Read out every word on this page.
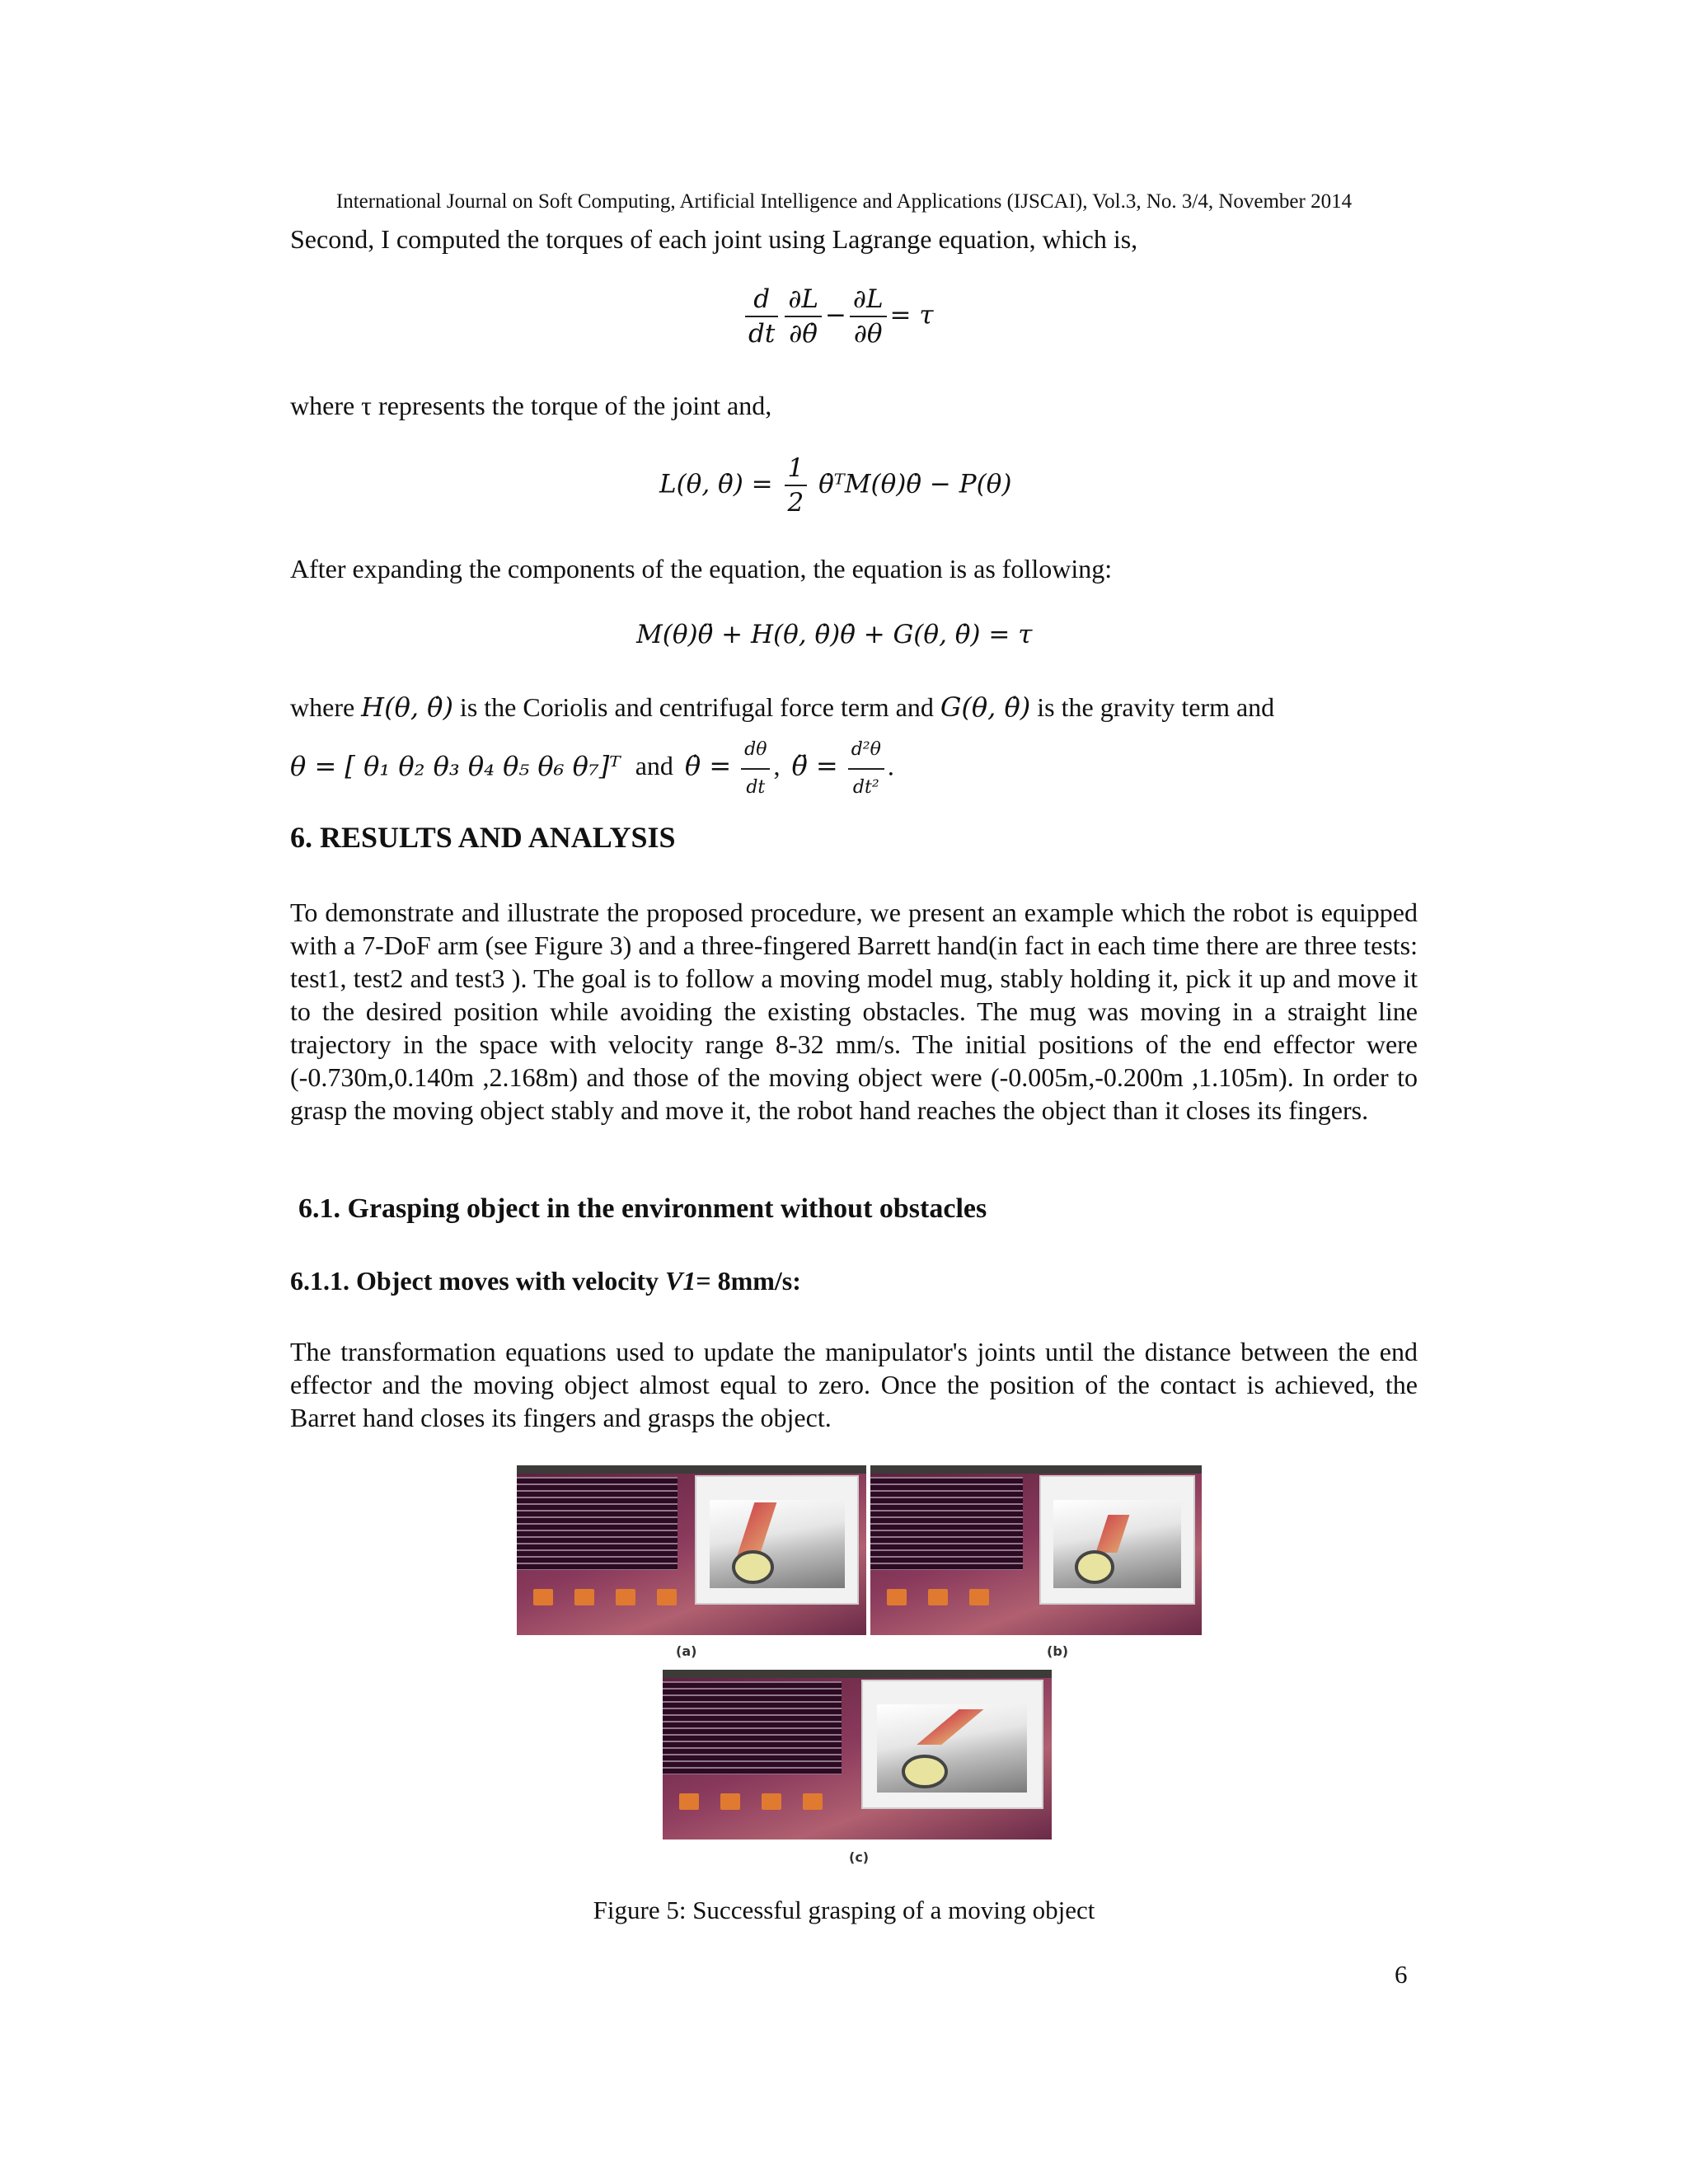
International Journal on Soft Computing, Artificial Intelligence and Applications (IJSCAI), Vol.3, No. 3/4, November 2014
Second, I computed the torques of each joint using Lagrange equation, which is,
$\frac{d}{dt} \frac{\partial L}{\partial\thetȧ} - \frac{\partial L}{\partial\theta} = \tau$
where τ represents the torque of the joint and,
L(θ, θ̇) = $\frac{1}{2}$ θ̇ᵀM(θ)θ̇ − P(θ)
After expanding the components of the equation, the equation is as following:
M(θ)θ̈ + H(θ, θ̇)θ̇ + G(θ, θ̇) = τ
where H(θ, θ̇) is the Coriolis and centrifugal force term and G(θ, θ̇) is the gravity term and
θ = [ θ₁ θ₂ θ₃ θ₄ θ₅ θ₆ θ₇]ᵀ and θ̇ = $\frac{d\theta}{dt}$ , θ̈ = $\frac{\text{d²θ}}{\text{dt²}}$ .
6. RESULTS AND ANALYSIS
To demonstrate and illustrate the proposed procedure, we present an example which the robot is equipped with a 7-DoF arm (see Figure 3) and a three-fingered Barrett hand(in fact in each time there are three tests: test1, test2 and test3 ). The goal is to follow a moving model mug, stably holding it, pick it up and move it to the desired position while avoiding the existing obstacles. The mug was moving in a straight line trajectory in the space with velocity range 8-32 mm/s. The initial positions of the end effector were (-0.730m,0.140m ,2.168m) and those of the moving object were (-0.005m,-0.200m ,1.105m). In order to grasp the moving object stably and move it, the robot hand reaches the object than it closes its fingers.
6.1. Grasping object in the environment without obstacles
6.1.1. Object moves with velocity V1= 8mm/s:
The transformation equations used to update the manipulator's joints until the distance between the end effector and the moving object almost equal to zero. Once the position of the contact is achieved, the Barret hand closes its fingers and grasps the object.
(a)	(b)
(c)
Figure 5: Successful grasping of a moving object
6
